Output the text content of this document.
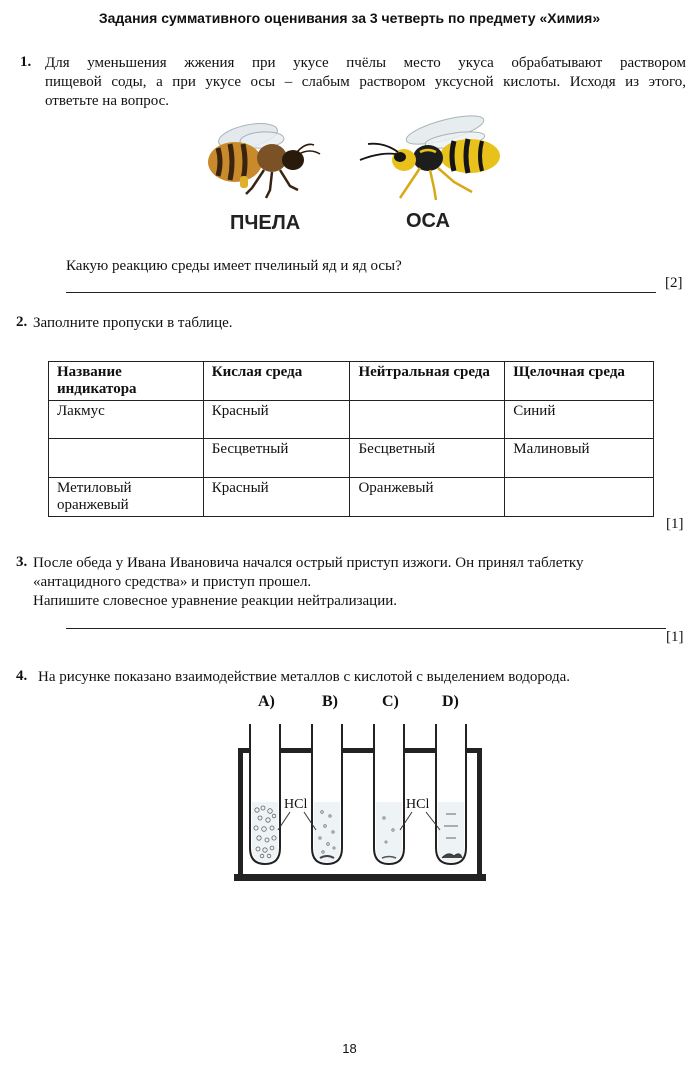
Задания суммативного оценивания за 3 четверть по предмету «Химия»
1. Для уменьшения жжения при укусе пчёлы место укуса обрабатывают раствором
пищевой соды, а при укусе осы – слабым раствором уксусной кислоты. Исходя из этого,
ответьте на вопрос.
ПЧЕЛА	ОСА
Какую реакцию среды имеет пчелиный яд и яд осы?
[2]
2. Заполните пропуски в таблице.
Название индикатора	Кислая среда	Нейтральная среда	Щелочная среда
Лакмус	Красный		Синий
	Бесцветный	Бесцветный	Малиновый
Метиловый оранжевый	Красный	Оранжевый	
[1]
3. После обеда у Ивана Ивановича начался острый приступ изжоги. Он принял таблетку
«антацидного средства» и приступ прошел.
Напишите словесное уравнение реакции нейтрализации.
[1]
4. На рисунке показано взаимодействие металлов с кислотой с выделением водорода.
A)	B)	C)	D)
HCl	HCl
18
